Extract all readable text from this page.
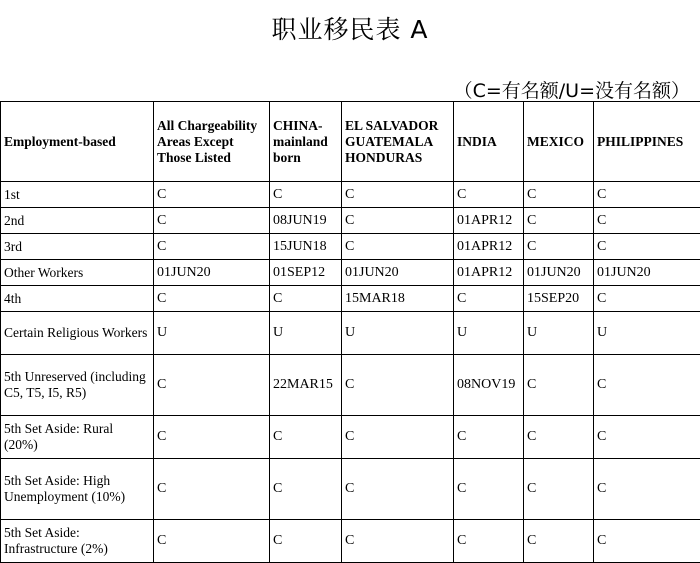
职业移民表 A
（C=有名额/U=没有名额）
Employment-based	All Chargeability Areas Except Those Listed	CHINA-mainland born	EL SALVADOR GUATEMALA HONDURAS	INDIA	MEXICO	PHILIPPINES
1st	C	C	C	C	C	C
2nd	C	08JUN19	C	01APR12	C	C
3rd	C	15JUN18	C	01APR12	C	C
Other Workers	01JUN20	01SEP12	01JUN20	01APR12	01JUN20	01JUN20
4th	C	C	15MAR18	C	15SEP20	C
Certain Religious Workers	U	U	U	U	U	U
5th Unreserved (including C5, T5, I5, R5)	C	22MAR15	C	08NOV19	C	C
5th Set Aside: Rural (20%)	C	C	C	C	C	C
5th Set Aside: High Unemployment (10%)	C	C	C	C	C	C
5th Set Aside: Infrastructure (2%)	C	C	C	C	C	C
